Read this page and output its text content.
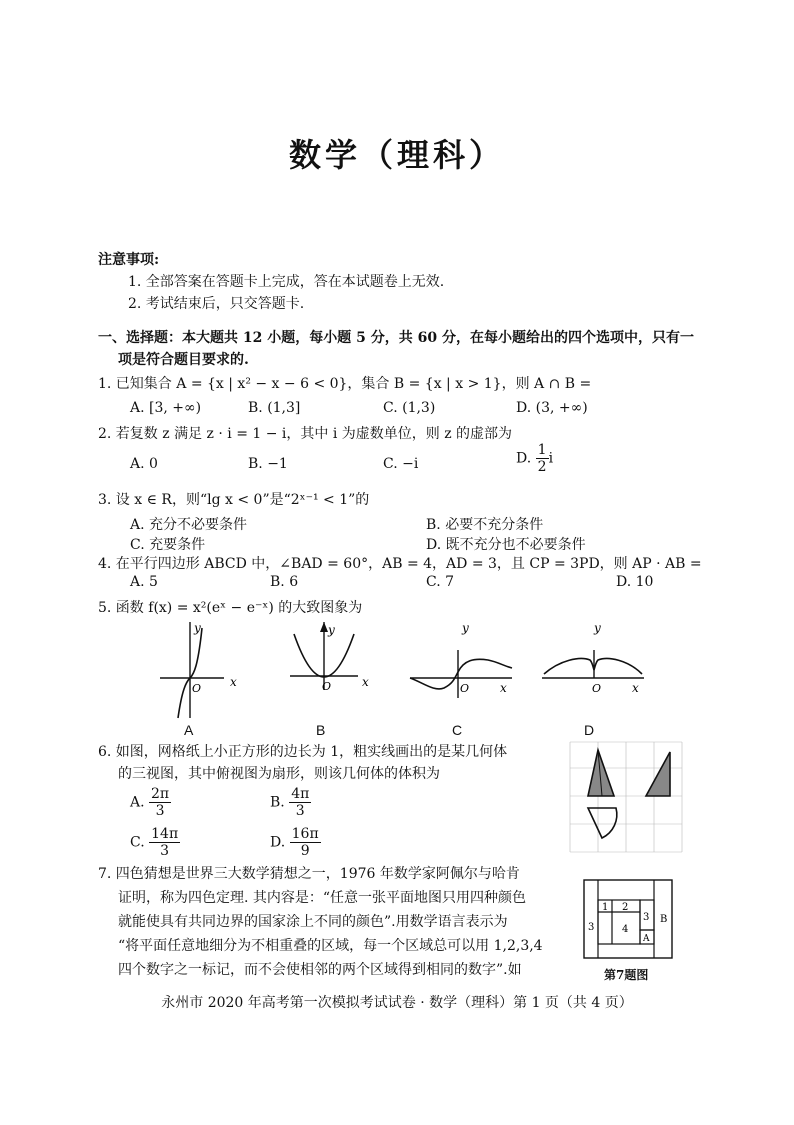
数学（理科）
注意事项:
1. 全部答案在答题卡上完成，答在本试题卷上无效.
2. 考试结束后，只交答题卡.
一、选择题：本大题共 12 小题，每小题 5 分，共 60 分，在每小题给出的四个选项中，只有一
项是符合题目要求的.
1. 已知集合 A = {x | x² − x − 6 < 0}，集合 B = {x | x > 1}，则 A ∩ B =
A. [3, +∞)	B. (1,3]	C. (1,3)	D. (3, +∞)
2. 若复数 z 满足 z · i = 1 − i，其中 i 为虚数单位，则 z 的虚部为
A. 0	B. −1	C. −i	D. $\frac{1}{2}$ i
3. 设 x ∈ R，则“lg x < 0”是“2ˣ⁻¹ < 1”的
A. 充分不必要条件	B. 必要不充分条件
C. 充要条件	D. 既不充分也不必要条件
4. 在平行四边形 ABCD 中，∠BAD = 60°，AB = 4，AD = 3，且 CP = 3PD，则 AP · AB =
A. 5	B. 6	C. 7	D. 10
5. 函数 f(x) = x²(eˣ − e⁻ˣ) 的大致图象为
y
O x
A
y
O	x
B
y
O	x
C
y
O	x
D
6. 如图，网格纸上小正方形的边长为 1，粗实线画出的是某几何体
的三视图，其中俯视图为扇形，则该几何体的体积为
A. $\frac{2\pi}{3}$	B. $\frac{4\pi}{3}$
C. $\frac{14\pi}{3}$	D. $\frac{16\pi}{9}$
7. 四色猜想是世界三大数学猜想之一，1976 年数学家阿佩尔与哈肯
证明，称为四色定理. 其内容是：“任意一张平面地图只用四种颜色
就能使具有共同边界的国家涂上不同的颜色”.用数学语言表示为
“将平面任意地细分为不相重叠的区域，每一个区域总可以用 1,2,3,4
四个数字之一标记，而不会使相邻的两个区域得到相同的数字”.如
1 2
3
3
4
A
B
第7题图
永州市 2020 年高考第一次模拟考试试卷 · 数学（理科）第 1 页（共 4 页）
